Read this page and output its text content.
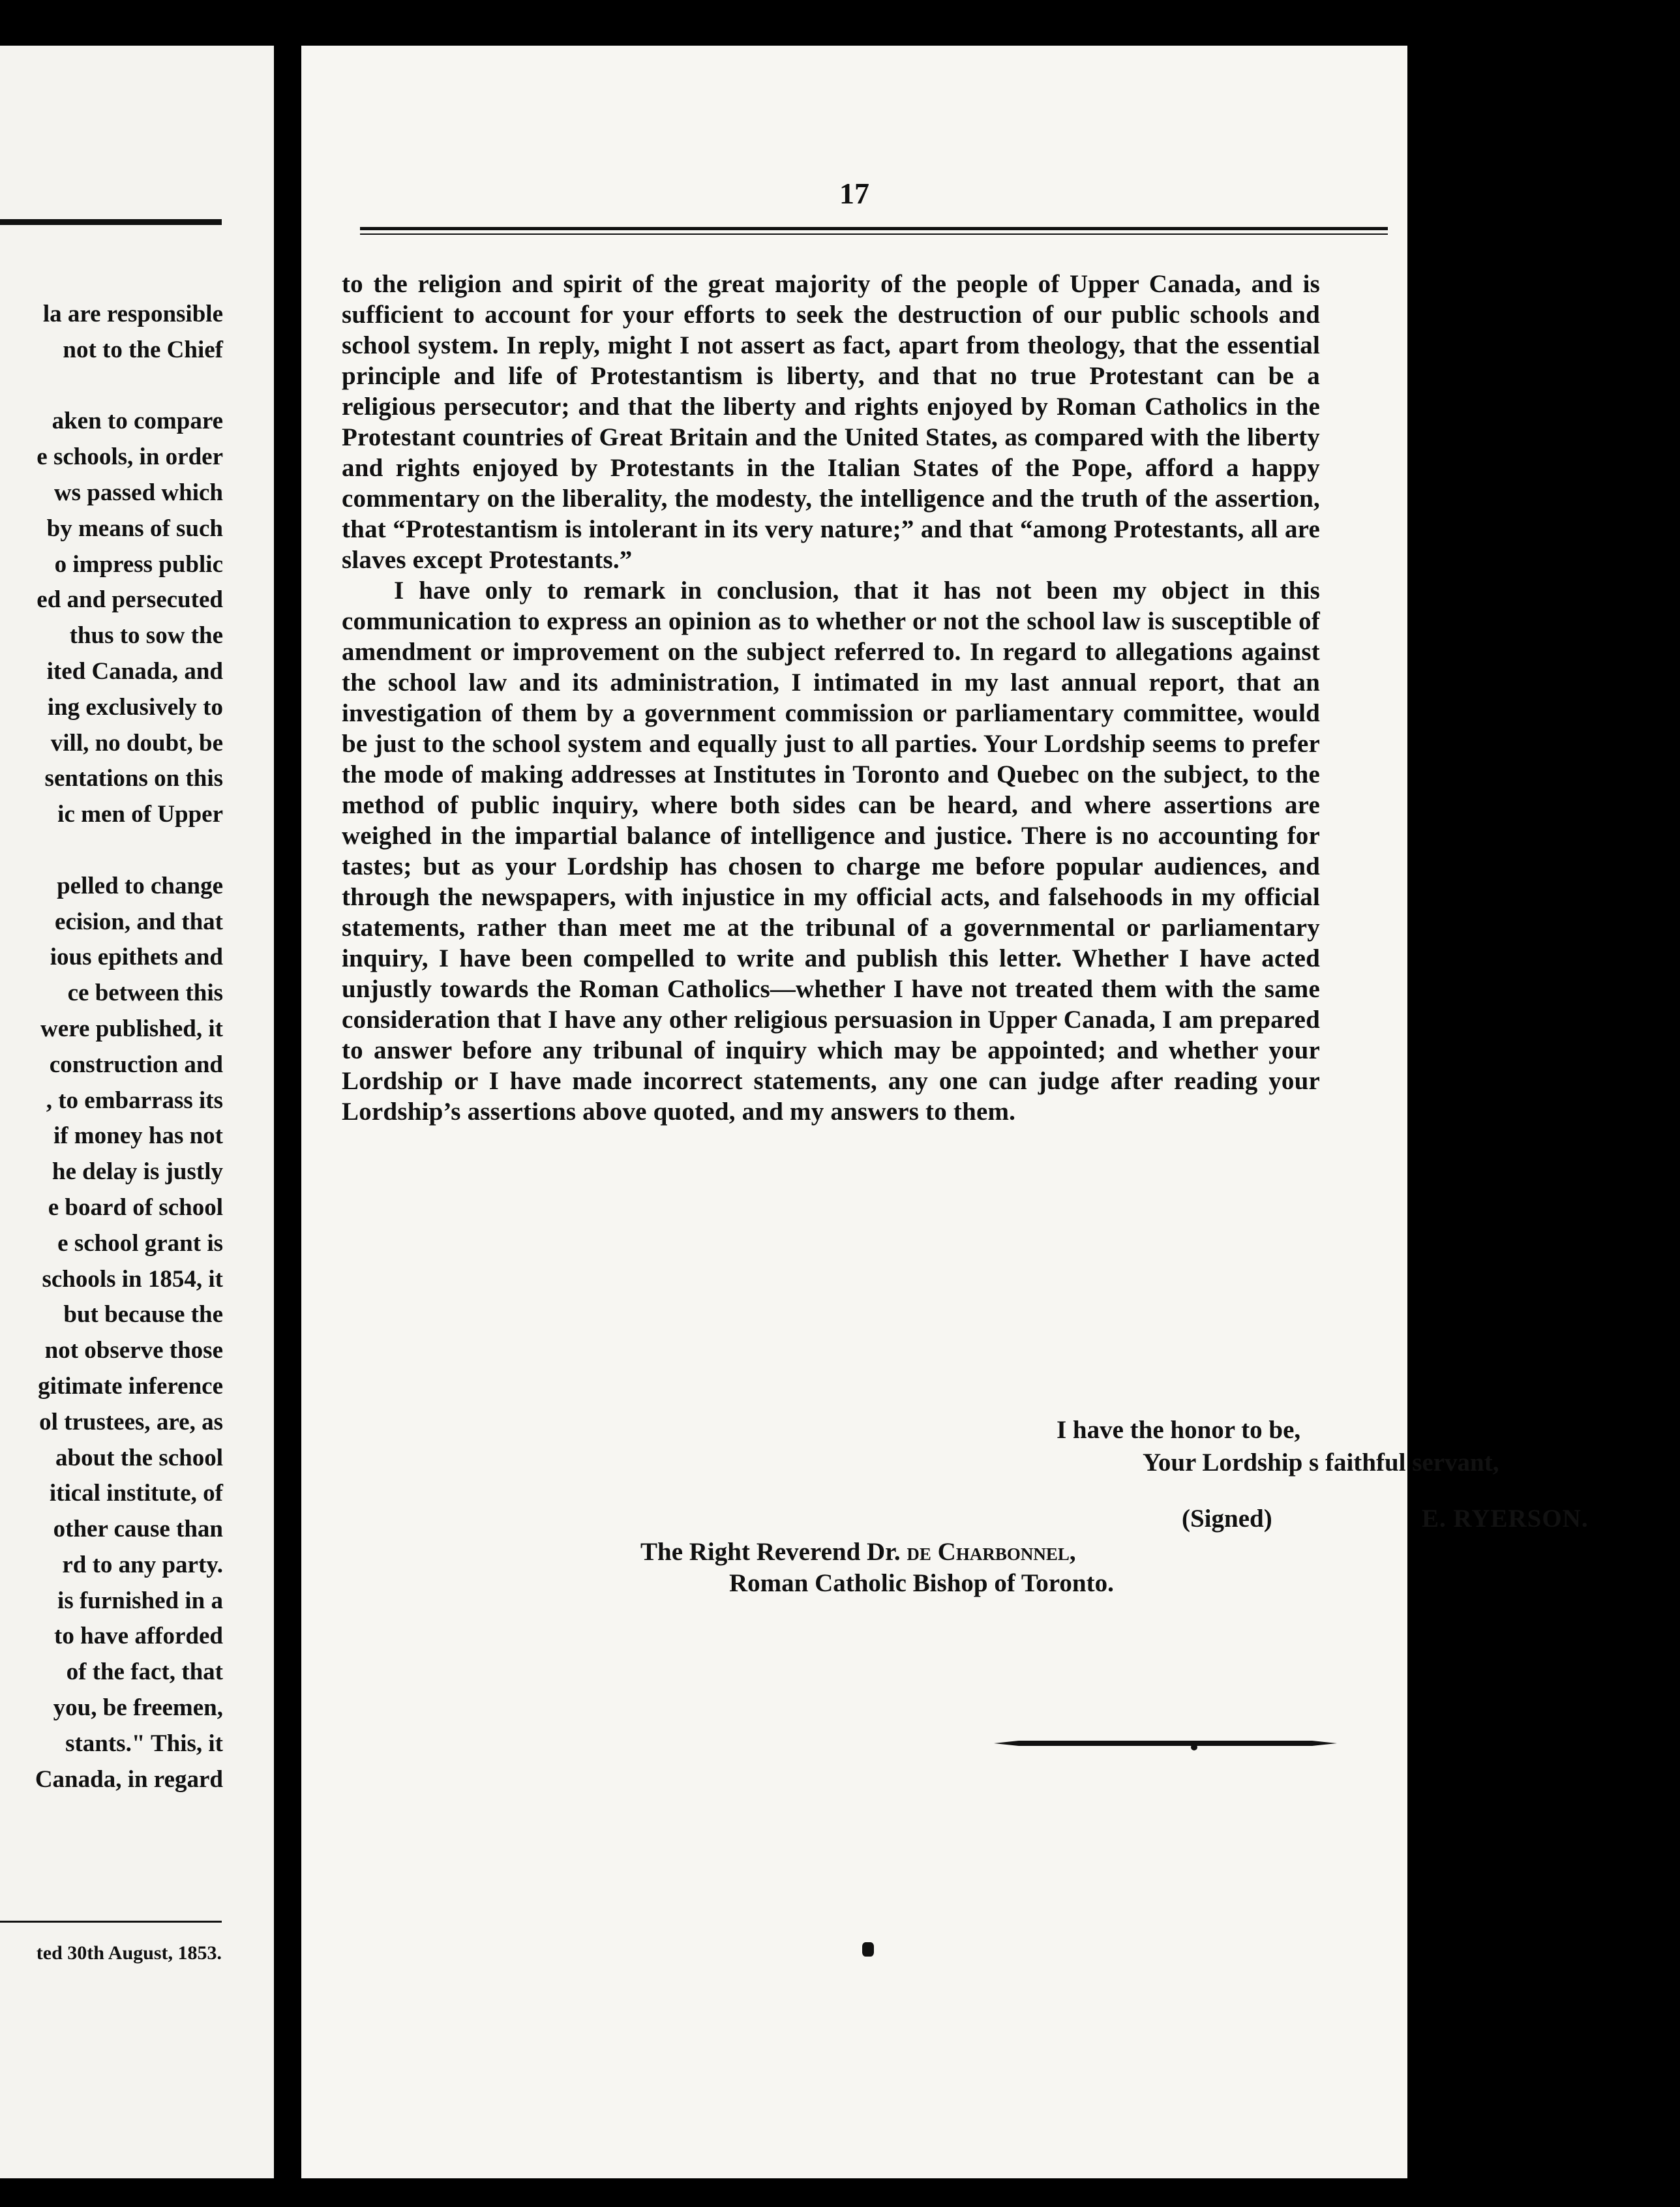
la are responsible
not to the Chief
aken to compare
e schools, in order
ws passed which
by means of such
o impress public
ed and persecuted
thus to sow the
ited Canada, and
ing exclusively to
vill, no doubt, be
sentations on this
ic men of Upper
pelled to change
ecision, and that
ious epithets and
ce between this
were published, it
construction and
, to embarrass its
if money has not
he delay is justly
e board of school
e school grant is
schools in 1854, it
but because the
not observe those
gitimate inference
ol trustees, are, as
about the school
itical institute, of
other cause than
rd to any party.
is furnished in a
to have afforded
of the fact, that
you, be freemen,
stants." This, it
Canada, in regard
ted 30th August, 1853.
17

to the religion and spirit of the great majority of the people of Upper Canada, and is sufficient to account for your efforts to seek the destruction of our public schools and school system. In reply, might I not assert as fact, apart from theology, that the essential principle and life of Protestantism is liberty, and that no true Protestant can be a religious persecutor; and that the liberty and rights enjoyed by Roman Catholics in the Protestant countries of Great Britain and the United States, as compared with the liberty and rights enjoyed by Protestants in the Italian States of the Pope, afford a happy commentary on the liberality, the modesty, the intelligence and the truth of the assertion, that “Protestantism is intolerant in its very nature;” and that “among Protestants, all are slaves except Protestants.”

I have only to remark in conclusion, that it has not been my object in this communication to express an opinion as to whether or not the school law is susceptible of amendment or improvement on the subject referred to. In regard to allegations against the school law and its administration, I intimated in my last annual report, that an investigation of them by a government commission or parliamentary committee, would be just to the school system and equally just to all parties. Your Lordship seems to prefer the mode of making addresses at Institutes in Toronto and Quebec on the subject, to the method of public inquiry, where both sides can be heard, and where assertions are weighed in the impartial balance of intelligence and justice. There is no accounting for tastes; but as your Lordship has chosen to charge me before popular audiences, and through the newspapers, with injustice in my official acts, and falsehoods in my official statements, rather than meet me at the tribunal of a governmental or parliamentary inquiry, I have been compelled to write and publish this letter. Whether I have acted unjustly towards the Roman Catholics—whether I have not treated them with the same consideration that I have any other religious persuasion in Upper Canada, I am prepared to answer before any tribunal of inquiry which may be appointed; and whether your Lordship or I have made incorrect statements, any one can judge after reading your Lordship’s assertions above quoted, and my answers to them.

I have the honor to be,
Your Lordship s faithful servant,
(Signed)	E. RYERSON.
The Right Reverend Dr. de Charbonnel,
Roman Catholic Bishop of Toronto.
